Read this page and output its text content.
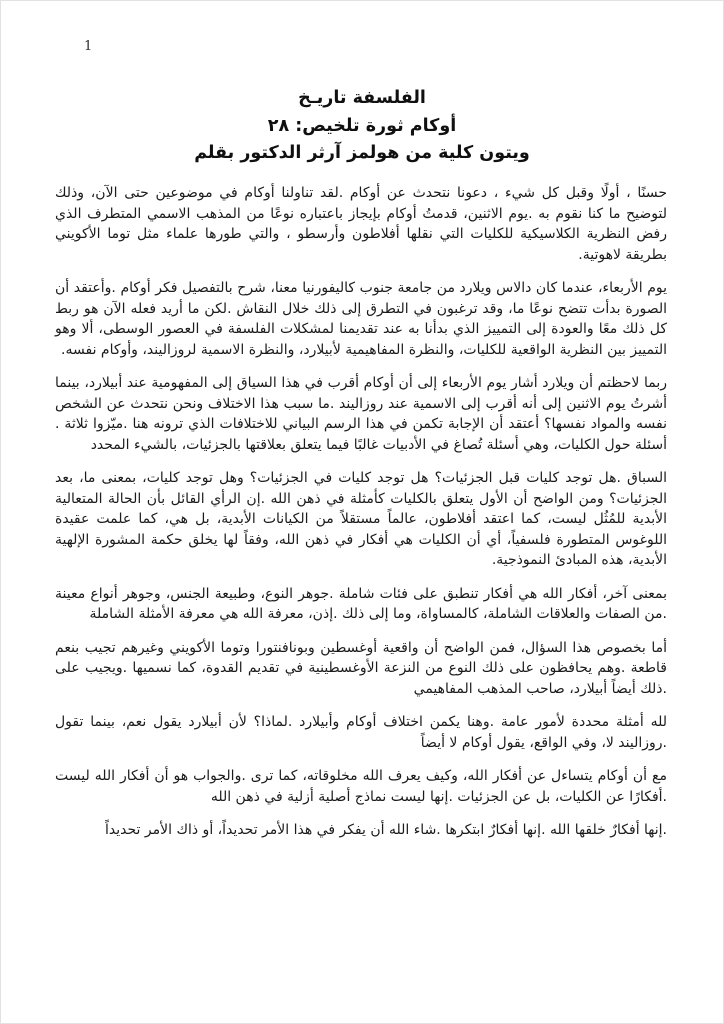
1
الفلسفة تاريـخ
أوكام ثورة تلخيص: ٢٨
ويتون كلية من هولمز آرثر الدكتور بقلم

حسنًا ، أولًا وقبل كل شيء ، دعونا نتحدث عن أوكام .لقد تناولنا أوكام في موضوعين حتى الآن، وذلك لتوضيح ما كنا نقوم به .يوم الاثنين، قدمتُ أوكام بإيجاز باعتباره نوعًا من المذهب الاسمي المتطرف الذي رفض النظرية الكلاسيكية للكليات التي نقلها أفلاطون وأرسطو ، والتي طورها علماء مثل توما الأكويني بطريقة لاهوتية.

يوم الأربعاء، عندما كان دالاس ويلارد من جامعة جنوب كاليفورنيا معنا، شرح بالتفصيل فكر أوكام .وأعتقد أن الصورة بدأت تتضح نوعًا ما، وقد ترغبون في التطرق إلى ذلك خلال النقاش .لكن ما أريد فعله الآن هو ربط كل ذلك معًا والعودة إلى التمييز الذي بدأنا به عند تقديمنا لمشكلات الفلسفة في العصور الوسطى، ألا وهو التمييز بين النظرية الواقعية للكليات، والنظرة المفاهيمية لأبيلارد، والنظرة الاسمية لروزاليند، وأوكام نفسه.

ربما لاحظتم أن ويلارد أشار يوم الأربعاء إلى أن أوكام أقرب في هذا السياق إلى المفهومية عند أبيلارد، بينما أشرتُ يوم الاثنين إلى أنه أقرب إلى الاسمية عند روزاليند .ما سبب هذا الاختلاف ونحن نتحدث عن الشخص نفسه والمواد نفسها؟ أعتقد أن الإجابة تكمن في هذا الرسم البياني للاختلافات الذي ترونه هنا .ميّزوا ثلاثة . أسئلة حول الكليات، وهي أسئلة تُصاغ في الأدبيات غالبًا فيما يتعلق بعلاقتها بالجزئيات، بالشيء المحدد

السباق .هل توجد كليات قبل الجزئيات؟ هل توجد كليات في الجزئيات؟ وهل توجد كليات، بمعنى ما، بعد الجزئيات؟ ومن الواضح أن الأول يتعلق بالكليات كأمثلة في ذهن الله .إن الرأي القائل بأن الحالة المتعالية الأبدية للمُثُل ليست، كما اعتقد أفلاطون، عالماً مستقلاً من الكيانات الأبدية، بل هي، كما علمت عقيدة اللوغوس المتطورة فلسفياً، أي أن الكليات هي أفكار في ذهن الله، وفقاً لها يخلق حكمة المشورة الإلهية الأبدية، هذه المبادئ النموذجية.

بمعنى آخر، أفكار الله هي أفكار تنطبق على فئات شاملة .جوهر النوع، وطبيعة الجنس، وجوهر أنواع معينة .من الصفات والعلاقات الشاملة، كالمساواة، وما إلى ذلك .إذن، معرفة الله هي معرفة الأمثلة الشاملة

أما بخصوص هذا السؤال، فمن الواضح أن واقعية أوغسطين وبونافنتورا وتوما الأكويني وغيرهم تجيب بنعم قاطعة .وهم يحافظون على ذلك النوع من النزعة الأوغسطينية في تقديم القدوة، كما نسميها .ويجيب على .ذلك أيضاً أبيلارد، صاحب المذهب المفاهيمي

لله أمثلة محددة لأمور عامة .وهنا يكمن اختلاف أوكام وأبيلارد .لماذا؟ لأن أبيلارد يقول نعم، بينما تقول .روزاليند لا، وفي الواقع، يقول أوكام لا أيضاً

مع أن أوكام يتساءل عن أفكار الله، وكيف يعرف الله مخلوقاته، كما ترى .والجواب هو أن أفكار الله ليست .أفكارًا عن الكليات، بل عن الجزئيات .إنها ليست نماذج أصلية أزلية في ذهن الله

.إنها أفكارٌ خلقها الله .إنها أفكارٌ ابتكرها .شاء الله أن يفكر في هذا الأمر تحديداً، أو ذاك الأمر تحديداً
